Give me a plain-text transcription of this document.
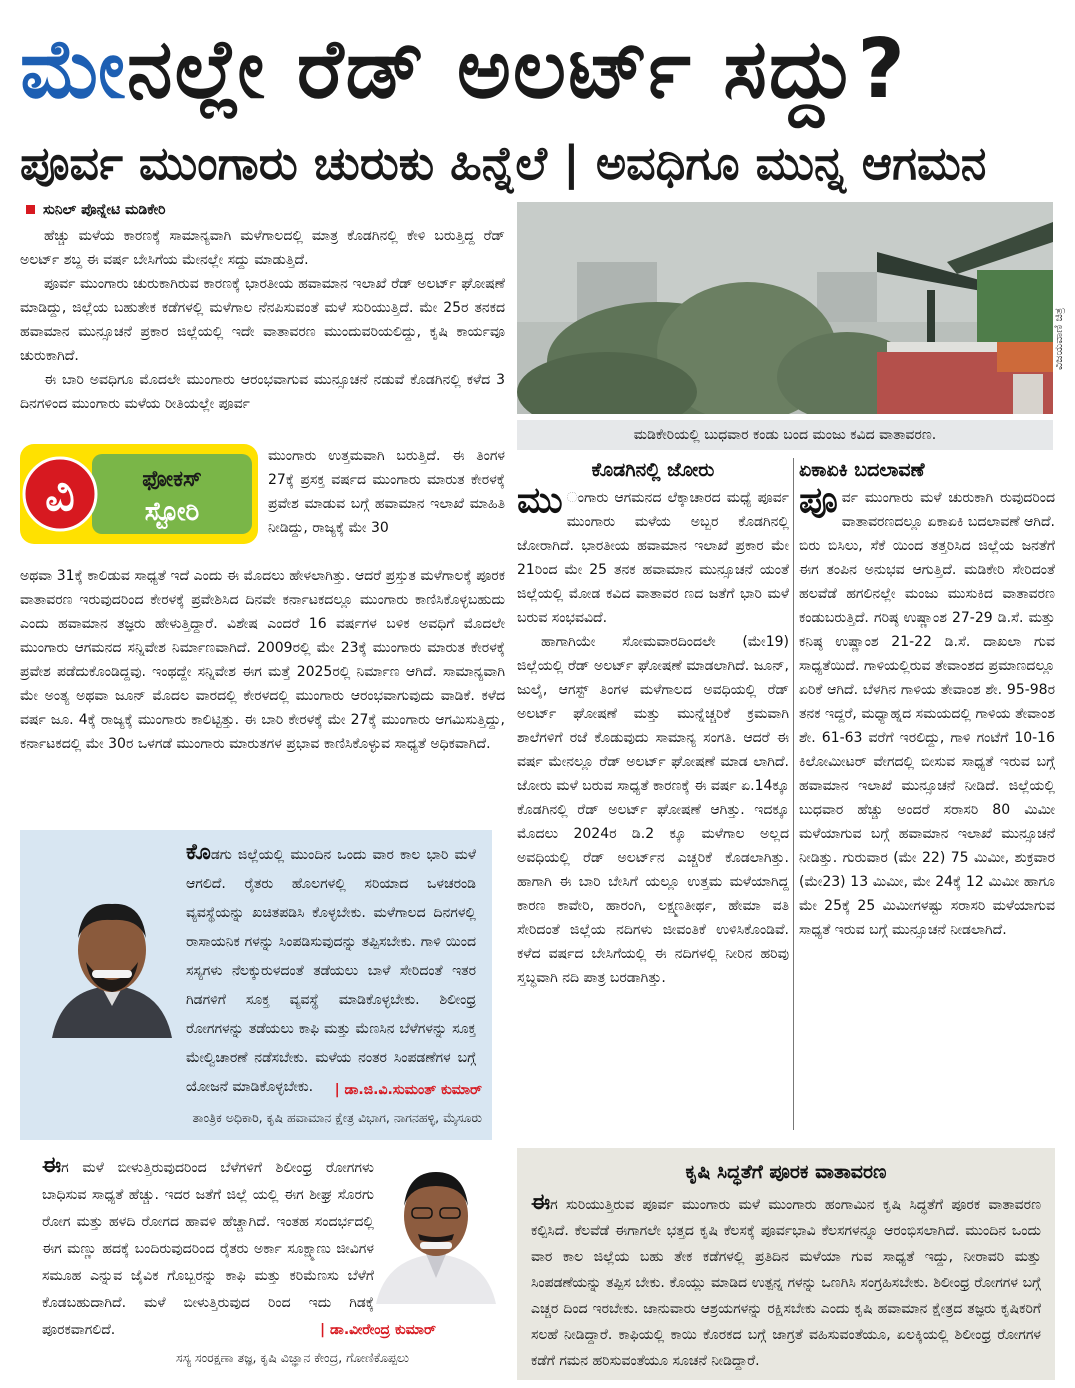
ಮೇನಲ್ಲೇ ರೆಡ್ ಅಲರ್ಟ್ ಸದ್ದು?
ಪೂರ್ವ ಮುಂಗಾರು ಚುರುಕು ಹಿನ್ನೆಲೆ | ಅವಧಿಗೂ ಮುನ್ನ ಆಗಮನ
ಸುನಿಲ್ ಪೊನ್ನೇಟಿ ಮಡಿಕೇರಿ

ಹೆಚ್ಚು ಮಳೆಯ ಕಾರಣಕ್ಕೆ ಸಾಮಾನ್ಯವಾಗಿ ಮಳೆಗಾಲದಲ್ಲಿ ಮಾತ್ರ ಕೊಡಗಿನಲ್ಲಿ ಕೇಳಿ ಬರುತ್ತಿದ್ದ ರೆಡ್ ಅಲರ್ಟ್ ಶಬ್ದ ಈ ವರ್ಷ ಬೇಸಿಗೆಯ ಮೇನಲ್ಲೇ ಸದ್ದು ಮಾಡುತ್ತಿದೆ.

ಪೂರ್ವ ಮುಂಗಾರು ಚುರುಕಾಗಿರುವ ಕಾರಣಕ್ಕೆ ಭಾರತೀಯ ಹವಾಮಾನ ಇಲಾಖೆ ರೆಡ್ ಅಲರ್ಟ್ ಘೋಷಣೆ ಮಾಡಿದ್ದು, ಜಿಲ್ಲೆಯ ಬಹುತೇಕ ಕಡೆಗಳಲ್ಲಿ ಮಳೆಗಾಲ ನೆನಪಿಸುವಂತೆ ಮಳೆ ಸುರಿಯುತ್ತಿದೆ. ಮೇ 25ರ ತನಕದ ಹವಾಮಾನ ಮುನ್ಸೂಚನೆ ಪ್ರಕಾರ ಜಿಲ್ಲೆಯಲ್ಲಿ ಇದೇ ವಾತಾವರಣ ಮುಂದುವರಿಯಲಿದ್ದು, ಕೃಷಿ ಕಾರ್ಯವೂ ಚುರುಕಾಗಿದೆ.

ಈ ಬಾರಿ ಅವಧಿಗೂ ಮೊದಲೇ ಮುಂಗಾರು ಆರಂಭವಾಗುವ ಮುನ್ಸೂಚನೆ ನಡುವೆ ಕೊಡಗಿನಲ್ಲಿ ಕಳೆದ 3 ದಿನಗಳಿಂದ ಮುಂಗಾರು ಮಳೆಯ ರೀತಿಯಲ್ಲೇ ಪೂರ್ವ

ವಿ	ಫೋಕಸ್
ಸ್ಟೋರಿ

ಮುಂಗಾರು ಉತ್ತಮವಾಗಿ ಬರುತ್ತಿದೆ. ಈ ತಿಂಗಳ 27ಕ್ಕೆ ಪ್ರಸಕ್ತ ವರ್ಷದ ಮುಂಗಾರು ಮಾರುತ ಕೇರಳಕ್ಕೆ ಪ್ರವೇಶ ಮಾಡುವ ಬಗ್ಗೆ ಹವಾಮಾನ ಇಲಾಖೆ ಮಾಹಿತಿ ನೀಡಿದ್ದು, ರಾಜ್ಯಕ್ಕೆ ಮೇ 30

ಅಥವಾ 31ಕ್ಕೆ ಕಾಲಿಡುವ ಸಾಧ್ಯತೆ ಇದೆ ಎಂದು ಈ ಮೊದಲು ಹೇಳಲಾಗಿತ್ತು. ಆದರೆ ಪ್ರಸ್ತುತ ಮಳೆಗಾಲಕ್ಕೆ ಪೂರಕ ವಾತಾವರಣ ಇರುವುದರಿಂದ ಕೇರಳಕ್ಕೆ ಪ್ರವೇಶಿಸಿದ ದಿನವೇ ಕರ್ನಾಟಕದಲ್ಲೂ ಮುಂಗಾರು ಕಾಣಿಸಿಕೊಳ್ಳಬಹುದು ಎಂದು ಹವಾಮಾನ ತಜ್ಞರು ಹೇಳುತ್ತಿದ್ದಾರೆ. ವಿಶೇಷ ಎಂದರೆ 16 ವರ್ಷಗಳ ಬಳಿಕ ಅವಧಿಗೆ ಮೊದಲೇ ಮುಂಗಾರು ಆಗಮನದ ಸನ್ನಿವೇಶ ನಿರ್ಮಾಣವಾಗಿದೆ. 2009ರಲ್ಲಿ ಮೇ 23ಕ್ಕೆ ಮುಂಗಾರು ಮಾರುತ ಕೇರಳಕ್ಕೆ ಪ್ರವೇಶ ಪಡೆದುಕೊಂಡಿದ್ದವು. ಇಂಥದ್ದೇ ಸನ್ನಿವೇಶ ಈಗ ಮತ್ತೆ 2025ರಲ್ಲಿ ನಿರ್ಮಾಣ ಆಗಿದೆ. ಸಾಮಾನ್ಯವಾಗಿ ಮೇ ಅಂತ್ಯ ಅಥವಾ ಜೂನ್ ಮೊದಲ ವಾರದಲ್ಲಿ ಕೇರಳದಲ್ಲಿ ಮುಂಗಾರು ಆರಂಭವಾಗುವುದು ವಾಡಿಕೆ. ಕಳೆದ ವರ್ಷ ಜೂ. 4ಕ್ಕೆ ರಾಜ್ಯಕ್ಕೆ ಮುಂಗಾರು ಕಾಲಿಟ್ಟಿತ್ತು. ಈ ಬಾರಿ ಕೇರಳಕ್ಕೆ ಮೇ 27ಕ್ಕೆ ಮುಂಗಾರು ಆಗಮಿಸುತ್ತಿದ್ದು, ಕರ್ನಾಟಕದಲ್ಲಿ ಮೇ 30ರ ಒಳಗಡೆ ಮುಂಗಾರು ಮಾರುತಗಳ ಪ್ರಭಾವ ಕಾಣಿಸಿಕೊಳ್ಳುವ ಸಾಧ್ಯತೆ ಅಧಿಕವಾಗಿದೆ.

ವಿಜಯವಾಣಿ ಚಿತ್ರ
ಮಡಿಕೇರಿಯಲ್ಲಿ ಬುಧವಾರ ಕಂಡು ಬಂದ ಮಂಜು ಕವಿದ ವಾತಾವರಣ.
ಕೊಡಗಿನಲ್ಲಿ ಜೋರು

ಮು ಂಗಾರು ಆಗಮನದ ಲೆಕ್ಕಾಚಾರದ ಮಧ್ಯೆ ಪೂರ್ವ ಮುಂಗಾರು ಮಳೆಯ ಅಬ್ಬರ ಕೊಡಗಿನಲ್ಲಿ ಜೋರಾಗಿದೆ. ಭಾರತೀಯ ಹವಾಮಾನ ಇಲಾಖೆ ಪ್ರಕಾರ ಮೇ 21ರಿಂದ ಮೇ 25 ತನಕ ಹವಾಮಾನ ಮುನ್ಸೂಚನೆ ಯಂತೆ ಜಿಲ್ಲೆಯಲ್ಲಿ ಮೋಡ ಕವಿದ ವಾತಾವರ ಣದ ಜತೆಗೆ ಭಾರಿ ಮಳೆ ಬರುವ ಸಂಭವವಿದೆ.

ಹಾಗಾಗಿಯೇ ಸೋಮವಾರದಿಂದಲೇ (ಮೇ19) ಜಿಲ್ಲೆಯಲ್ಲಿ ರೆಡ್ ಅಲರ್ಟ್ ಘೋಷಣೆ ಮಾಡಲಾಗಿದೆ. ಜೂನ್, ಜುಲೈ, ಆಗಸ್ಟ್ ತಿಂಗಳ ಮಳೆಗಾಲದ ಅವಧಿಯಲ್ಲಿ ರೆಡ್ ಅಲರ್ಟ್ ಘೋಷಣೆ ಮತ್ತು ಮುನ್ನೆಚ್ಚರಿಕೆ ಕ್ರಮವಾಗಿ ಶಾಲೆಗಳಿಗೆ ರಜೆ ಕೊಡುವುದು ಸಾಮಾನ್ಯ ಸಂಗತಿ. ಆದರೆ ಈ ವರ್ಷ ಮೇನಲ್ಲೂ ರೆಡ್ ಅಲರ್ಟ್ ಘೋಷಣೆ ಮಾಡ ಲಾಗಿದೆ. ಜೋರು ಮಳೆ ಬರುವ ಸಾಧ್ಯತೆ ಕಾರಣಕ್ಕೆ ಈ ವರ್ಷ ಏ.14ಕ್ಕೂ ಕೊಡಗಿನಲ್ಲಿ ರೆಡ್ ಅಲರ್ಟ್ ಘೋಷಣೆ ಆಗಿತ್ತು. ಇದಕ್ಕೂ ಮೊದಲು 2024ರ ಡಿ.2 ಕ್ಕೂ ಮಳೆಗಾಲ ಅಲ್ಲದ ಅವಧಿಯಲ್ಲಿ ರೆಡ್ ಅಲರ್ಟ್‌ನ ಎಚ್ಚರಿಕೆ ಕೊಡಲಾಗಿತ್ತು. ಹಾಗಾಗಿ ಈ ಬಾರಿ ಬೇಸಿಗೆ ಯಲ್ಲೂ ಉತ್ತಮ ಮಳೆಯಾಗಿದ್ದ ಕಾರಣ ಕಾವೇರಿ, ಹಾರಂಗಿ, ಲಕ್ಷ್ಮಣತೀರ್ಥ, ಹೇಮಾ ವತಿ ಸೇರಿದಂತೆ ಜಿಲ್ಲೆಯ ನದಿಗಳು ಜೀವಂತಿಕೆ ಉಳಿಸಿಕೊಂಡಿವೆ. ಕಳೆದ ವರ್ಷದ ಬೇಸಿಗೆಯಲ್ಲಿ ಈ ನದಿಗಳಲ್ಲಿ ನೀರಿನ ಹರಿವು ಸ್ತಬ್ಧವಾಗಿ ನದಿ ಪಾತ್ರ ಬರಡಾಗಿತ್ತು.

ಏಕಾಏಕಿ ಬದಲಾವಣೆ

ಪೂರ್ವ ಮುಂಗಾರು ಮಳೆ ಚುರುಕಾಗಿ ರುವುದರಿಂದ ವಾತಾವರಣದಲ್ಲೂ ಏಕಾಏಕಿ ಬದಲಾವಣೆ ಆಗಿದೆ. ಬಿರು ಬಿಸಿಲು, ಸೆಕೆ ಯಿಂದ ತತ್ತರಿಸಿದ ಜಿಲ್ಲೆಯ ಜನತೆಗೆ ಈಗ ತಂಪಿನ ಅನುಭವ ಆಗುತ್ತಿದೆ. ಮಡಿಕೇರಿ ಸೇರಿದಂತೆ ಹಲವೆಡೆ ಹಗಲಿನಲ್ಲೇ ಮಂಜು ಮುಸುಕಿದ ವಾತಾವರಣ ಕಂಡುಬರುತ್ತಿದೆ. ಗರಿಷ್ಠ ಉಷ್ಣಾಂಶ 27-29 ಡಿ.ಸೆ. ಮತ್ತು ಕನಿಷ್ಠ ಉಷ್ಣಾಂಶ 21-22 ಡಿ.ಸೆ. ದಾಖಲಾ ಗುವ ಸಾಧ್ಯತೆಯಿದೆ. ಗಾಳಿಯಲ್ಲಿರುವ ತೇವಾಂಶದ ಪ್ರಮಾಣದಲ್ಲೂ ಏರಿಕೆ ಆಗಿದೆ. ಬೆಳಗಿನ ಗಾಳಿಯ ತೇವಾಂಶ ಶೇ. 95-98ರ ತನಕ ಇದ್ದರೆ, ಮಧ್ಯಾಹ್ನದ ಸಮಯದಲ್ಲಿ ಗಾಳಿಯ ತೇವಾಂಶ ಶೇ. 61-63 ವರೆಗೆ ಇರಲಿದ್ದು, ಗಾಳಿ ಗಂಟೆಗೆ 10-16 ಕಿಲೋಮೀಟರ್ ವೇಗದಲ್ಲಿ ಬೀಸುವ ಸಾಧ್ಯತೆ ಇರುವ ಬಗ್ಗೆ ಹವಾಮಾನ ಇಲಾಖೆ ಮುನ್ಸೂಚನೆ ನೀಡಿದೆ. ಜಿಲ್ಲೆಯಲ್ಲಿ ಬುಧವಾರ ಹೆಚ್ಚು ಅಂದರೆ ಸರಾಸರಿ 80 ಮಿಮೀ ಮಳೆಯಾಗುವ ಬಗ್ಗೆ ಹವಾಮಾನ ಇಲಾಖೆ ಮುನ್ಸೂಚನೆ ನೀಡಿತ್ತು. ಗುರುವಾರ (ಮೇ 22) 75 ಮಿಮೀ, ಶುಕ್ರವಾರ (ಮೇ23) 13 ಮಿಮೀ, ಮೇ 24ಕ್ಕೆ 12 ಮಿಮೀ ಹಾಗೂ ಮೇ 25ಕ್ಕೆ 25 ಮಿಮೀಗಳಷ್ಟು ಸರಾಸರಿ ಮಳೆಯಾಗುವ ಸಾಧ್ಯತೆ ಇರುವ ಬಗ್ಗೆ ಮುನ್ಸೂಚನೆ ನೀಡಲಾಗಿದೆ.

ಕೊಡಗು ಜಿಲ್ಲೆಯಲ್ಲಿ ಮುಂದಿನ ಒಂದು ವಾರ ಕಾಲ ಭಾರಿ ಮಳೆ ಆಗಲಿದೆ. ರೈತರು ಹೊಲಗಳಲ್ಲಿ ಸರಿಯಾದ ಒಳಚರಂಡಿ ವ್ಯವಸ್ಥೆಯನ್ನು ಖಚಿತಪಡಿಸಿ ಕೊಳ್ಳಬೇಕು. ಮಳೆಗಾಲದ ದಿನಗಳಲ್ಲಿ ರಾಸಾಯನಿಕ ಗಳನ್ನು ಸಿಂಪಡಿಸುವುದನ್ನು ತಪ್ಪಿಸಬೇಕು. ಗಾಳಿ ಯಿಂದ ಸಸ್ಯಗಳು ನೆಲಕ್ಕುರುಳದಂತೆ ತಡೆಯಲು ಬಾಳೆ ಸೇರಿದಂತೆ ಇತರ ಗಿಡಗಳಿಗೆ ಸೂಕ್ತ ವ್ಯವಸ್ಥೆ ಮಾಡಿಕೊಳ್ಳಬೇಕು. ಶಿಲೀಂಧ್ರ ರೋಗಗಳನ್ನು ತಡೆಯಲು ಕಾಫಿ ಮತ್ತು ಮೆಣಸಿನ ಬೆಳೆಗಳನ್ನು ಸೂಕ್ತ ಮೇಲ್ವಿಚಾರಣೆ ನಡೆಸಬೇಕು. ಮಳೆಯ ನಂತರ ಸಿಂಪಡಣೆಗಳ ಬಗ್ಗೆ ಯೋಜನೆ ಮಾಡಿಕೊಳ್ಳಬೇಕು.	| ಡಾ.ಜಿ.ವಿ.ಸುಮಂತ್ ಕುಮಾರ್
ತಾಂತ್ರಿಕ ಅಧಿಕಾರಿ, ಕೃಷಿ ಹವಾಮಾನ ಕ್ಷೇತ್ರ ವಿಭಾಗ, ನಾಗನಹಳ್ಳಿ, ಮೈಸೂರು
ಈಗ ಮಳೆ ಬೀಳುತ್ತಿರುವುದರಿಂದ ಬೆಳೆಗಳಿಗೆ ಶಿಲೀಂಧ್ರ ರೋಗಗಳು ಬಾಧಿಸುವ ಸಾಧ್ಯತೆ ಹೆಚ್ಚು. ಇದರ ಜತೆಗೆ ಜಿಲ್ಲೆ ಯಲ್ಲಿ ಈಗ ಶೀಘ್ರ ಸೊರಗು ರೋಗ ಮತ್ತು ಹಳದಿ ರೋಗದ ಹಾವಳಿ ಹೆಚ್ಚಾಗಿದೆ. ಇಂತಹ ಸಂದರ್ಭದಲ್ಲಿ ಈಗ ಮಣ್ಣು ಹದಕ್ಕೆ ಬಂದಿರುವುದರಿಂದ ರೈತರು ಅರ್ಕಾ ಸೂಕ್ಷ್ಮಾಣು ಜೀವಿಗಳ ಸಮೂಹ ಎನ್ನುವ ಜೈವಿಕ ಗೊಬ್ಬರನ್ನು ಕಾಫಿ ಮತ್ತು ಕರಿಮೆಣಸು ಬೆಳೆಗೆ ಕೊಡಬಹುದಾಗಿದೆ. ಮಳೆ ಬೀಳುತ್ತಿರುವುದ ರಿಂದ ಇದು ಗಿಡಕ್ಕೆ ಪೂರಕವಾಗಲಿದೆ.	| ಡಾ.ವೀರೇಂದ್ರ ಕುಮಾರ್
ಸಸ್ಯ ಸಂರಕ್ಷಣಾ ತಜ್ಞ, ಕೃಷಿ ವಿಜ್ಞಾನ ಕೇಂದ್ರ, ಗೋಣಿಕೊಪ್ಪಲು
ಕೃಷಿ ಸಿದ್ಧತೆಗೆ ಪೂರಕ ವಾತಾವರಣ
ಈಗ ಸುರಿಯುತ್ತಿರುವ ಪೂರ್ವ ಮುಂಗಾರು ಮಳೆ ಮುಂಗಾರು ಹಂಗಾಮಿನ ಕೃಷಿ ಸಿದ್ಧತೆಗೆ ಪೂರಕ ವಾತಾವರಣ ಕಲ್ಪಿಸಿದೆ. ಕೆಲವೆಡೆ ಈಗಾಗಲೇ ಭತ್ತದ ಕೃಷಿ ಕೆಲಸಕ್ಕೆ ಪೂರ್ವಭಾವಿ ಕೆಲಸಗಳನ್ನೂ ಆರಂಭಿಸಲಾಗಿದೆ. ಮುಂದಿನ ಒಂದು ವಾರ ಕಾಲ ಜಿಲ್ಲೆಯ ಬಹು ತೇಕ ಕಡೆಗಳಲ್ಲಿ ಪ್ರತಿದಿನ ಮಳೆಯಾ ಗುವ ಸಾಧ್ಯತೆ ಇದ್ದು, ನೀರಾವರಿ ಮತ್ತು ಸಿಂಪಡಣೆಯನ್ನು ತಪ್ಪಿಸ ಬೇಕು. ಕೊಯ್ಲು ಮಾಡಿದ ಉತ್ಪನ್ನ ಗಳನ್ನು ಒಣಗಿಸಿ ಸಂಗ್ರಹಿಸಬೇಕು. ಶಿಲೀಂಧ್ರ ರೋಗಗಳ ಬಗ್ಗೆ ಎಚ್ಚರ ದಿಂದ ಇರಬೇಕು. ಜಾನುವಾರು ಆಶ್ರಯಗಳನ್ನು ರಕ್ಷಿಸಬೇಕು ಎಂದು ಕೃಷಿ ಹವಾಮಾನ ಕ್ಷೇತ್ರದ ತಜ್ಞರು ಕೃಷಿಕರಿಗೆ ಸಲಹೆ ನೀಡಿದ್ದಾರೆ. ಕಾಫಿಯಲ್ಲಿ ಕಾಯಿ ಕೊರಕದ ಬಗ್ಗೆ ಜಾಗ್ರತೆ ವಹಿಸುವಂತೆಯೂ, ಏಲಕ್ಕಿಯಲ್ಲಿ ಶಿಲೀಂಧ್ರ ರೋಗಗಳ ಕಡೆಗೆ ಗಮನ ಹರಿಸುವಂತೆಯೂ ಸೂಚನೆ ನೀಡಿದ್ದಾರೆ.
